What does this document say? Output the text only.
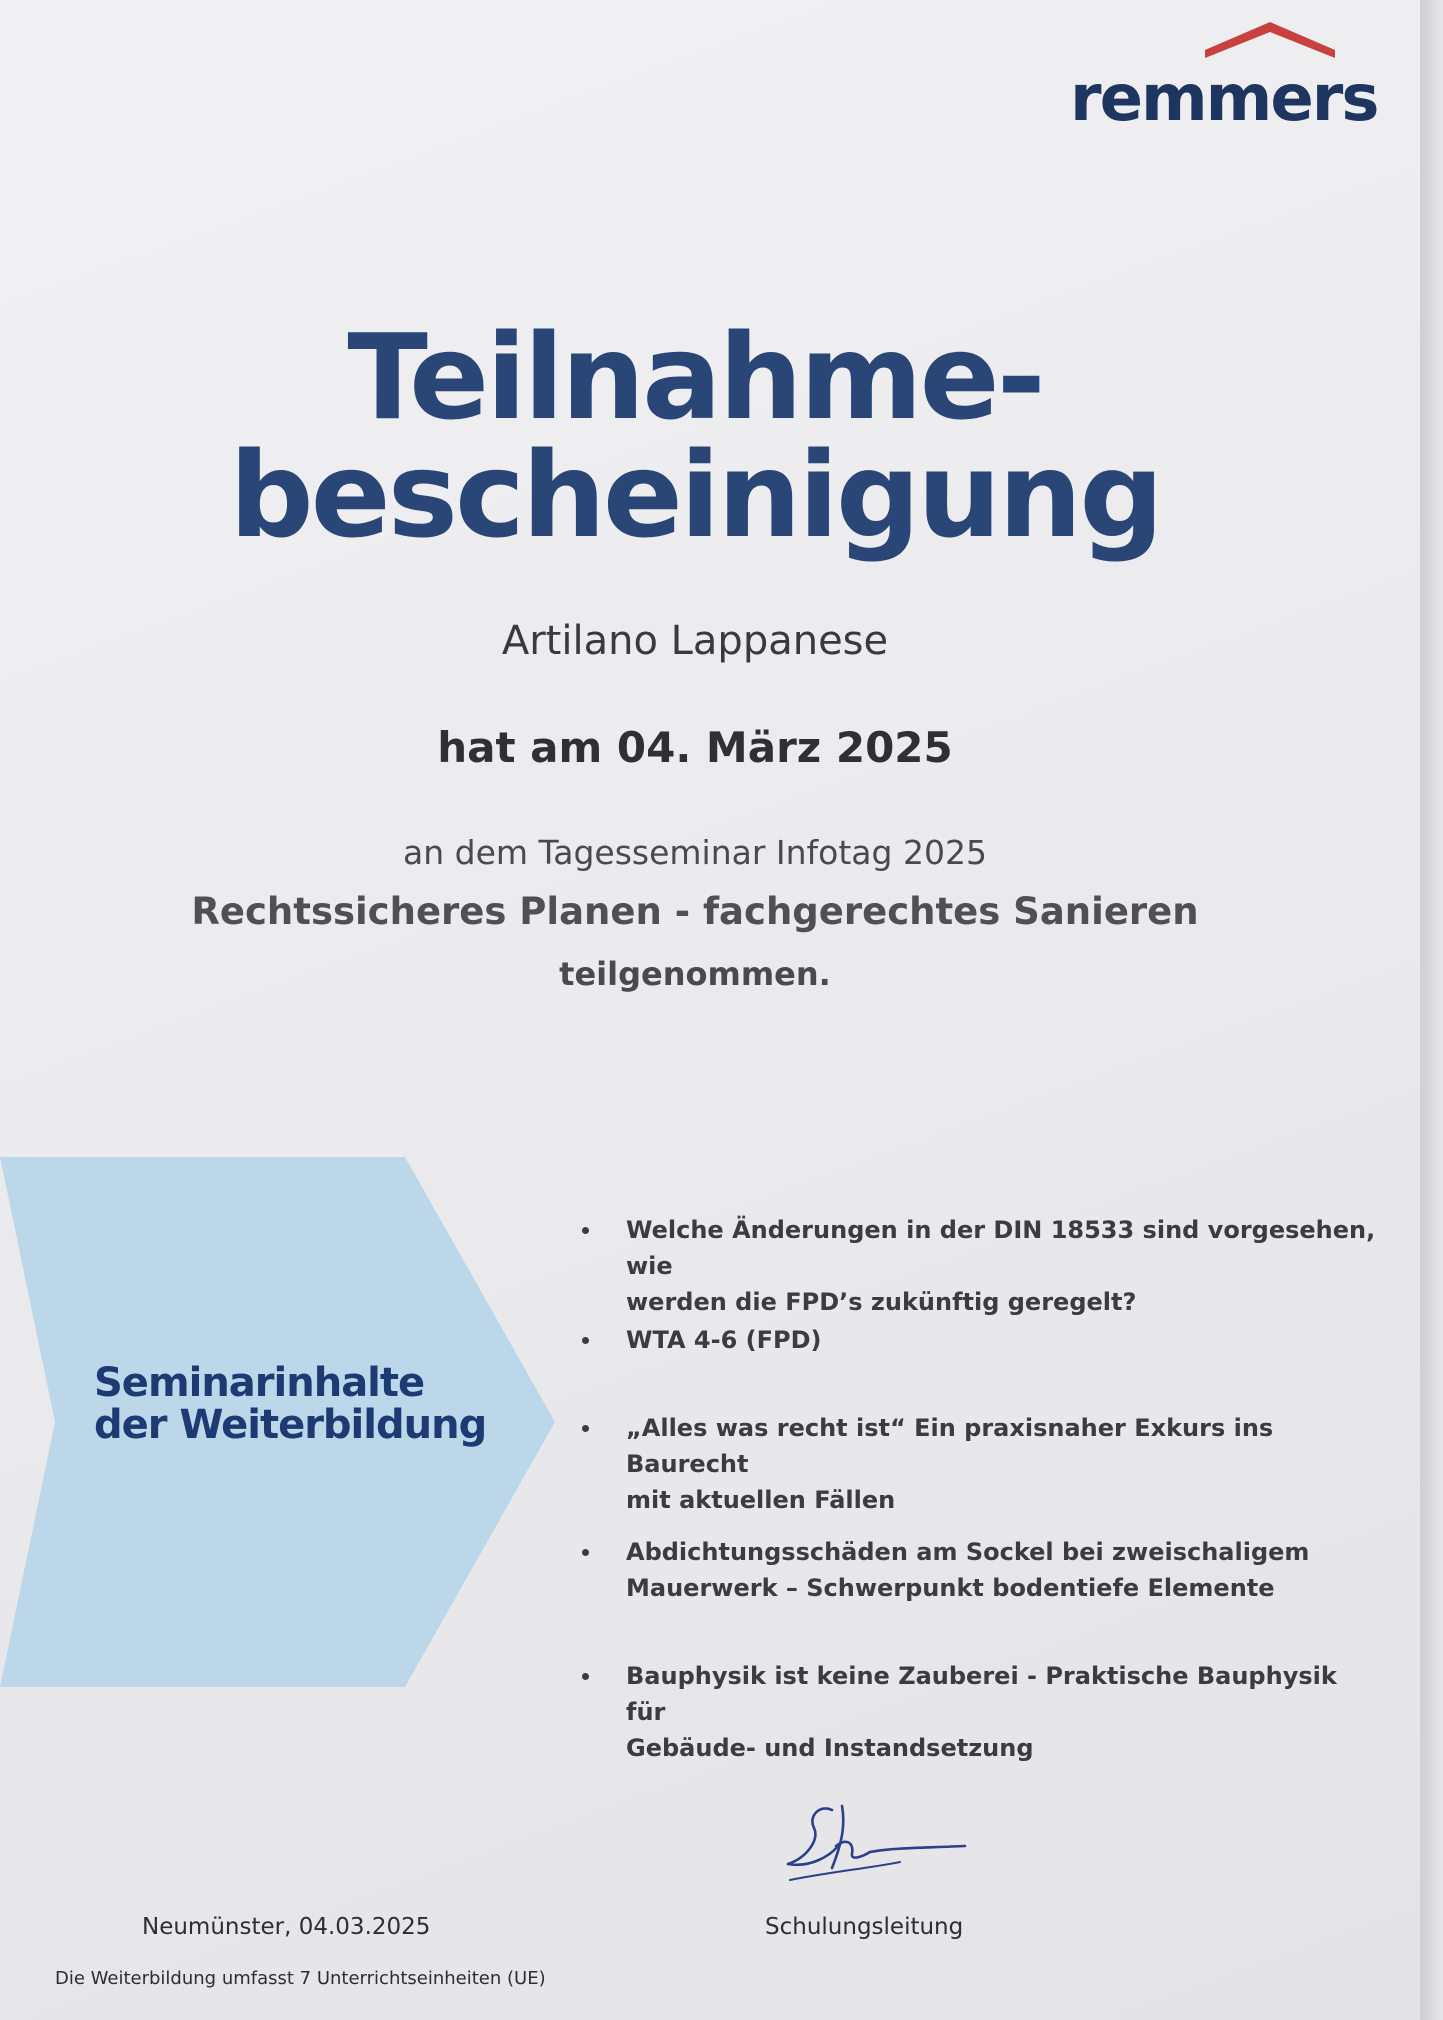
remmers
Teilnahme-
bescheinigung
Artilano Lappanese
hat am 04. März 2025
an dem Tagesseminar Infotag 2025
Rechtssicheres Planen - fachgerechtes Sanieren
teilgenommen.
Seminarinhalte
der Weiterbildung
Welche Änderungen in der DIN 18533 sind vorgesehen, wie
werden die FPD’s zukünftig geregelt?
WTA 4-6 (FPD)
„Alles was recht ist“ Ein praxisnaher Exkurs ins Baurecht
mit aktuellen Fällen
Abdichtungsschäden am Sockel bei zweischaligem
Mauerwerk – Schwerpunkt bodentiefe Elemente
Bauphysik ist keine Zauberei - Praktische Bauphysik für
Gebäude- und Instandsetzung
Neumünster, 04.03.2025	Schulungsleitung
Die Weiterbildung umfasst 7 Unterrichtseinheiten (UE)
